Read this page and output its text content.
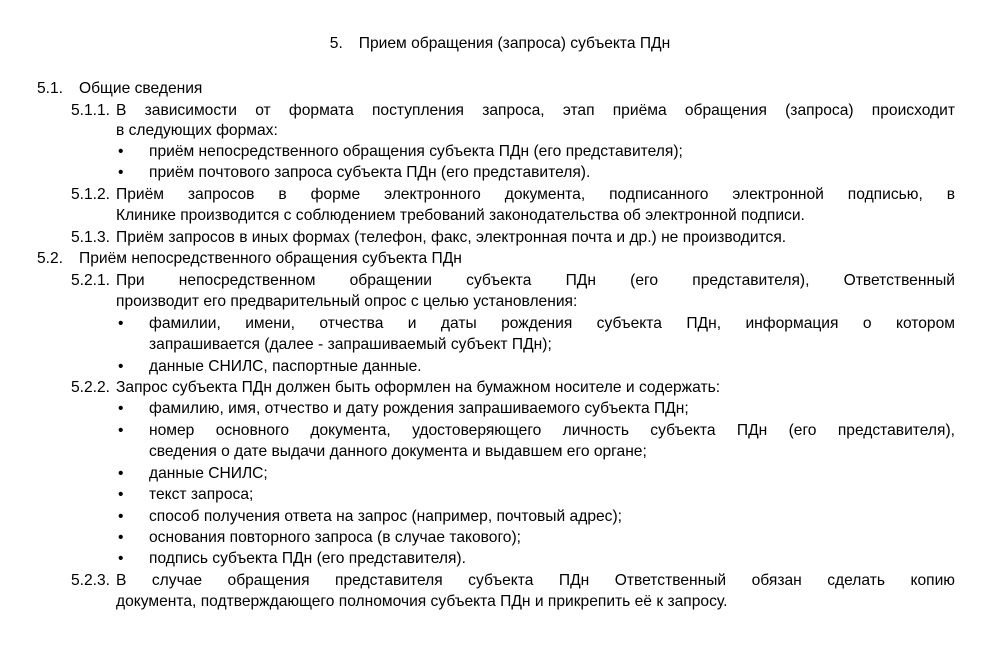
5. Прием обращения (запроса) субъекта ПДн
5.1. Общие сведения
5.1.1. В зависимости от формата поступления запроса, этап приёма обращения (запроса) происходит
в следующих формах:
• приём непосредственного обращения субъекта ПДн (его представителя);
• приём почтового запроса субъекта ПДн (его представителя).
5.1.2. Приём запросов в форме электронного документа, подписанного электронной подписью, в
Клинике производится с соблюдением требований законодательства об электронной подписи.
5.1.3. Приём запросов в иных формах (телефон, факс, электронная почта и др.) не производится.
5.2. Приём непосредственного обращения субъекта ПДн
5.2.1. При непосредственном обращении субъекта ПДн (его представителя), Ответственный
производит его предварительный опрос с целью установления:
• фамилии, имени, отчества и даты рождения субъекта ПДн, информация о котором
запрашивается (далее - запрашиваемый субъект ПДн);
• данные СНИЛС, паспортные данные.
5.2.2. Запрос субъекта ПДн должен быть оформлен на бумажном носителе и содержать:
• фамилию, имя, отчество и дату рождения запрашиваемого субъекта ПДн;
• номер основного документа, удостоверяющего личность субъекта ПДн (его представителя),
сведения о дате выдачи данного документа и выдавшем его органе;
• данные СНИЛС;
• текст запроса;
• способ получения ответа на запрос (например, почтовый адрес);
• основания повторного запроса (в случае такового);
• подпись субъекта ПДн (его представителя).
5.2.3. В случае обращения представителя субъекта ПДн Ответственный обязан сделать копию
документа, подтверждающего полномочия субъекта ПДн и прикрепить её к запросу.
